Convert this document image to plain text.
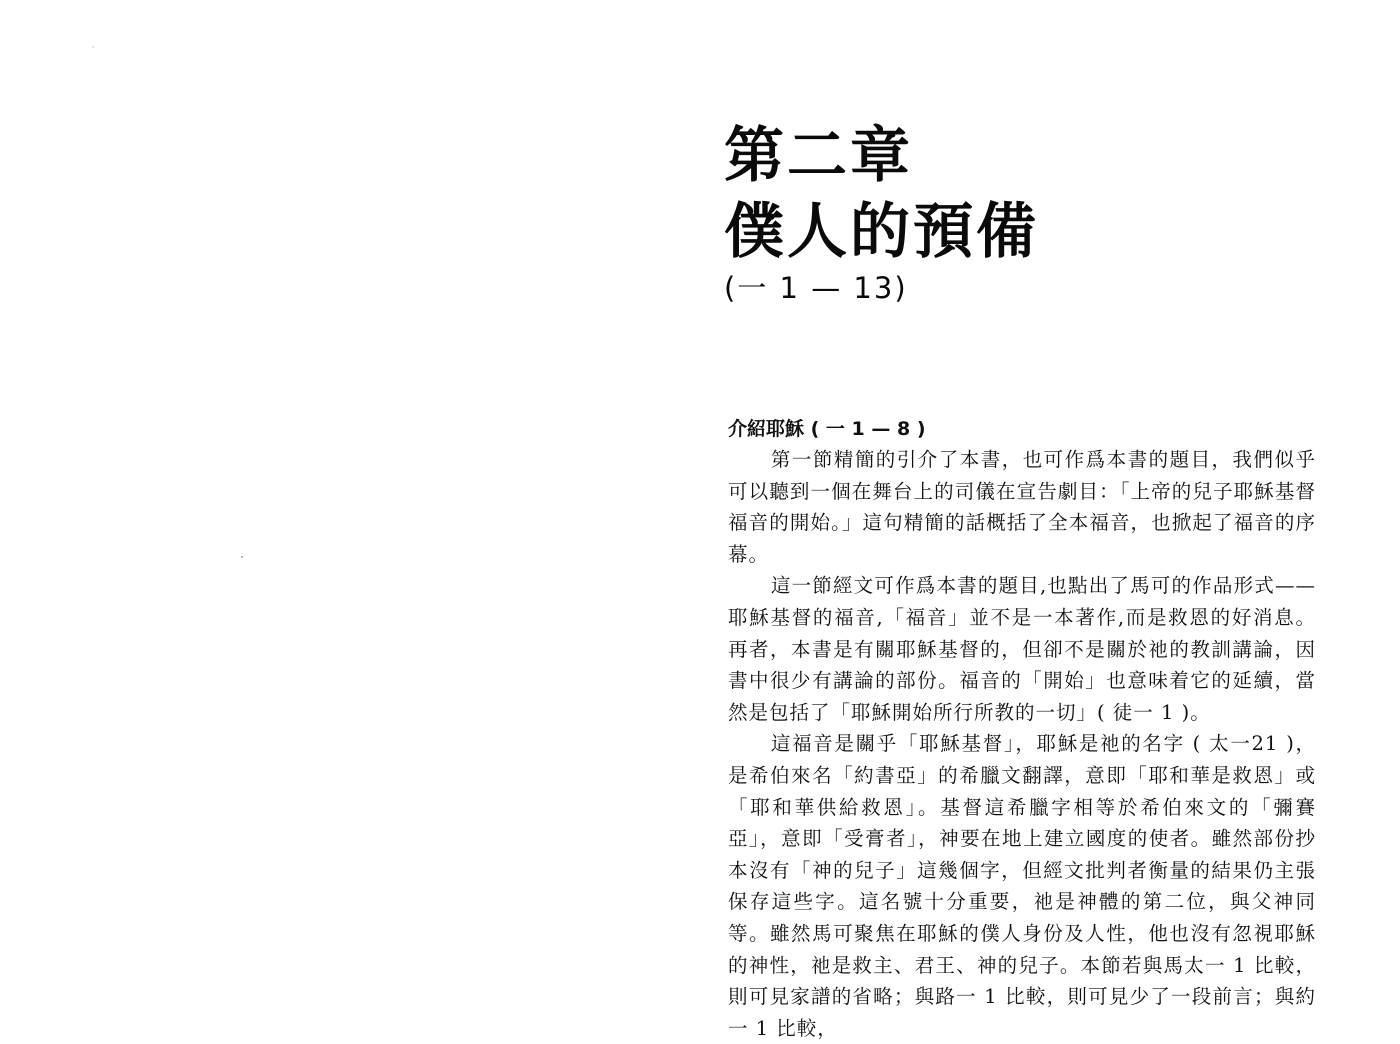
第二章
僕人的預備
(一 1 — 13)
介紹耶穌 ( 一 1 — 8 )

第一節精簡的引介了本書，也可作爲本書的題目，我們似乎可以聽到一個在舞台上的司儀在宣告劇目：「上帝的兒子耶穌基督福音的開始。」這句精簡的話概括了全本福音，也掀起了福音的序幕。

這一節經文可作爲本書的題目,也點出了馬可的作品形式——耶穌基督的福音,「福音」並不是一本著作,而是救恩的好消息。再者，本書是有關耶穌基督的，但卻不是關於祂的教訓講論，因書中很少有講論的部份。福音的「開始」也意味着它的延續，當然是包括了「耶穌開始所行所教的一切」( 徒一 1 )。

這福音是關乎「耶穌基督」，耶穌是祂的名字 ( 太一21 )，是希伯來名「約書亞」的希臘文翻譯，意即「耶和華是救恩」或「耶和華供給救恩」。基督這希臘字相等於希伯來文的「彌賽亞」，意即「受膏者」，神要在地上建立國度的使者。雖然部份抄本沒有「神的兒子」這幾個字，但經文批判者衡量的結果仍主張保存這些字。這名號十分重要，祂是神體的第二位，與父神同等。雖然馬可聚焦在耶穌的僕人身份及人性，他也沒有忽視耶穌的神性，祂是救主、君王、神的兒子。本節若與馬太一 1 比較，則可見家譜的省略；與路一 1 比較，則可見少了一段前言；與約一 1 比較，
